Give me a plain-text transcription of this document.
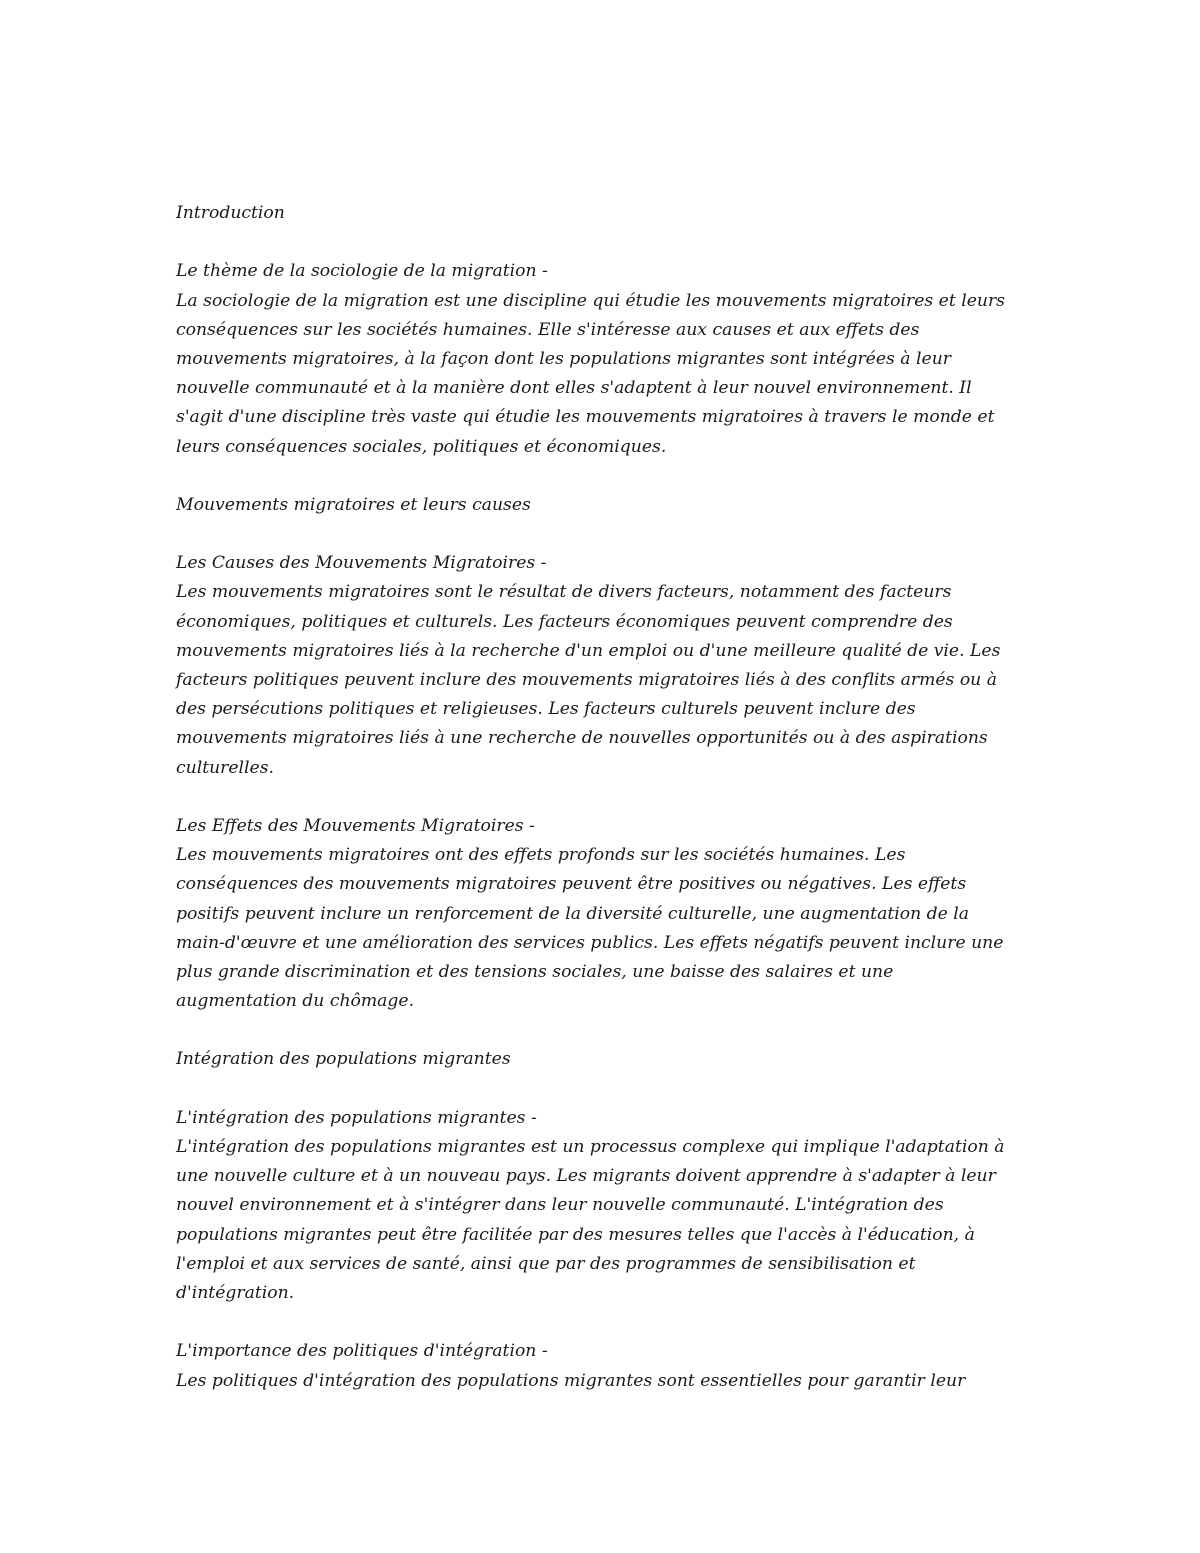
Introduction
Le thème de la sociologie de la migration -
La sociologie de la migration est une discipline qui étudie les mouvements migratoires et leurs
conséquences sur les sociétés humaines. Elle s'intéresse aux causes et aux effets des
mouvements migratoires, à la façon dont les populations migrantes sont intégrées à leur
nouvelle communauté et à la manière dont elles s'adaptent à leur nouvel environnement. Il
s'agit d'une discipline très vaste qui étudie les mouvements migratoires à travers le monde et
leurs conséquences sociales, politiques et économiques.
Mouvements migratoires et leurs causes
Les Causes des Mouvements Migratoires -
Les mouvements migratoires sont le résultat de divers facteurs, notamment des facteurs
économiques, politiques et culturels. Les facteurs économiques peuvent comprendre des
mouvements migratoires liés à la recherche d'un emploi ou d'une meilleure qualité de vie. Les
facteurs politiques peuvent inclure des mouvements migratoires liés à des conflits armés ou à
des persécutions politiques et religieuses. Les facteurs culturels peuvent inclure des
mouvements migratoires liés à une recherche de nouvelles opportunités ou à des aspirations
culturelles.
Les Effets des Mouvements Migratoires -
Les mouvements migratoires ont des effets profonds sur les sociétés humaines. Les
conséquences des mouvements migratoires peuvent être positives ou négatives. Les effets
positifs peuvent inclure un renforcement de la diversité culturelle, une augmentation de la
main-d'œuvre et une amélioration des services publics. Les effets négatifs peuvent inclure une
plus grande discrimination et des tensions sociales, une baisse des salaires et une
augmentation du chômage.
Intégration des populations migrantes
L'intégration des populations migrantes -
L'intégration des populations migrantes est un processus complexe qui implique l'adaptation à
une nouvelle culture et à un nouveau pays. Les migrants doivent apprendre à s'adapter à leur
nouvel environnement et à s'intégrer dans leur nouvelle communauté. L'intégration des
populations migrantes peut être facilitée par des mesures telles que l'accès à l'éducation, à
l'emploi et aux services de santé, ainsi que par des programmes de sensibilisation et
d'intégration.
L'importance des politiques d'intégration -
Les politiques d'intégration des populations migrantes sont essentielles pour garantir leur
